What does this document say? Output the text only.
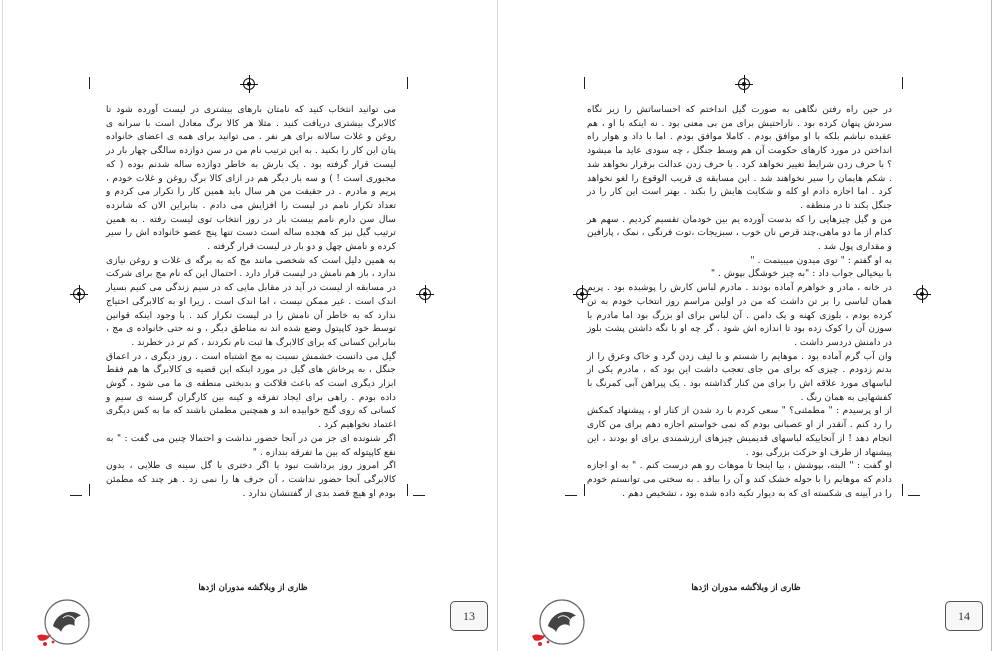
می توانید انتخاب کنید که نامتان بارهای بیشتری در لیست آورده شود تا کالابرگ بیشتری دریافت کنید . مثلا هر کالا برگ معادل است با سرانه ی روغن و غلات سالانه برای هر نفر . می توانید برای همه ی اعضای خانواده پتان این کار را بکنید . به این ترتیب نام من در سن دوازده سالگی چهار بار در لیست قرار گرفته بود . یک بارش به خاطر دوازده ساله شدنم بوده ( که مجبوری است ! ) و سه بار دیگر هم در ازای کالا برگ روغن و غلات خودم ، پریم و مادرم . در حقیقت من هر سال باید همین کار را تکرار می کردم و تعداد تکرار نامم در لیست را افزایش می دادم . بنابراین الان که شانزده سال سن دارم نامم بیست بار در روز انتخاب توی لیست رفته . به همین ترتیب گیل نیز که هجده ساله است دست تنها پنج عضو خانواده اش را سیر کرده و نامش چهل و دو بار در لیست قرار گرفته .

به همین دلیل است که شخصی مانند مج که به برگه ی غلات و روغن نیازی ندارد ، باز هم نامش در لیست قرار دارد . احتمال این که نام مج برای شرکت در مسابقه از لیست در آید در مقابل مایی که در سیم زندگی می کنیم بسیار اندک است . غیر ممکن نیست ، اما اندک است . زیرا او به کالابرگی احتیاج ندارد که به خاطر آن نامش را در لیست تکرار کند . با وجود اینکه قوانین توسط خود کاپیتول وضع شده اند نه مناطق دیگر ، و نه حتی خانواده ی مج ، بنابراین کسانی که برای کالابرگ ها ثبت نام نکردند ، کم تر در خطرند .

گیل می دانست خشمش نسبت به مج اشتباه است . روز دیگری ، در اعماق جنگل ، به پرخاش های گیل در مورد اینکه این قضیه ی کالابرگ ها هم فقط ابزار دیگری است که باعث فلاکت و بدبختی منطقه ی ما می شود ، گوش داده بودم . راهی برای ایجاد تفرقه و کینه بین کارگران گرسنه ی سیم و کسانی که روی گنج خوابیده اند و همچنین مطمئن باشند که ما به کس دیگری اعتماد نخواهیم کرد .

اگر شنونده ای جز من در آنجا حضور نداشت و احتمالا چنین می گفت : " به نفع کاپیتوله که بین ما تفرقه بندازه . "

اگر امروز روز برداشت نبود یا اگر دختری با گل سینه ی طلایی ، بدون کالابرگی آنجا حضور نداشت ، آن حرف ها را نمی زد . هر چند که مطمئن بودم او هیچ قصد بدی از گفتنشان ندارد .

ظاری از وبلاگشه مدوران اژدها
13

در حین راه رفتن نگاهی به صورت گیل انداختم که احساساتش را زیر نگاه سردش پنهان کرده بود . ناراحتیش برای من بی معنی بود . نه اینکه با او ، هم عقیده نباشم بلکه با او موافق بودم . کاملا موافق بودم . اما با داد و هوار راه انداختن در مورد کارهای حکومت آن هم وسط جنگل ، چه سودی عاید ما میشود ؟ با حرف زدن شرایط تغییر نخواهد کرد . با حرف زدن عدالت برقرار نخواهد شد . شکم هایمان را سیر نخواهند شد . این مسابقه ی قریب الوقوع را لغو نخواهد کرد . اما اجازه دادم او کله و شکایت هایش را بکند . بهتر است این کار را در جنگل بکند تا در منطقه .

من و گیل چیزهایی را که بدست آورده یم بین خودمان تقسیم کردیم . سهم هر کدام از ما دو ماهی،چند قرص نان خوب ، سبزیجات ،توت فرنگی ، نمک ، پارافین و مقداری پول شد .

به او گفتم : " توی میدون میبینمت . "

با بیخیالی جواب داد : "به چیز خوشگل بپوش . "

در خانه ، مادر و خواهرم آماده بودند . مادرم لباس کارش را پوشیده بود . پریم همان لباسی را بر تن داشت که من در اولین مراسم روز انتخاب خودم به تن کرده بودم ، بلوزی کهنه و یک دامن . آن لباس برای او بزرگ بود اما مادرم با سوزن آن را کوک زده بود تا اندازه اش شود . گر چه او با نگه داشتن پشت بلوز در دامنش دردسر داشت .

وان آب گرم آماده بود . موهایم را شستم و با لیف زدن گرد و خاک وعرق را از بدنم زدودم . چیزی که برای من جای تعجب داشت این بود که ، مادرم یکی از لباسهای مورد علاقه اش را برای من کنار گذاشته بود . یک پیراهن آبی کمرنگ با کفشهایی به همان رنگ .

از او پرسیدم : " مطمئنی؟ " سعی کردم با رد شدن از کنار او ، پیشنهاد کمکش را رد کنم . آنقدر از او عصبانی بودم که نمی خواستم اجازه دهم برای من کاری انجام دهد ! از آنجاییکه لباسهای قدیمیش چیزهای ارزشمندی برای او بودند ، این پیشنهاد از طرف او حرکت بزرگی بود .

او گفت : " البته، بپوشش ، بیا اینجا تا موهات رو هم درست کنم . " به او اجازه دادم که موهایم را با حوله خشک کند و آن را ببافد . به سختی می توانستم خودم را در آیینه ی شکسته ای که به دیوار تکیه داده شده بود ، تشخیص دهم .

ظاری از وبلاگشه مدوران اژدها
14
